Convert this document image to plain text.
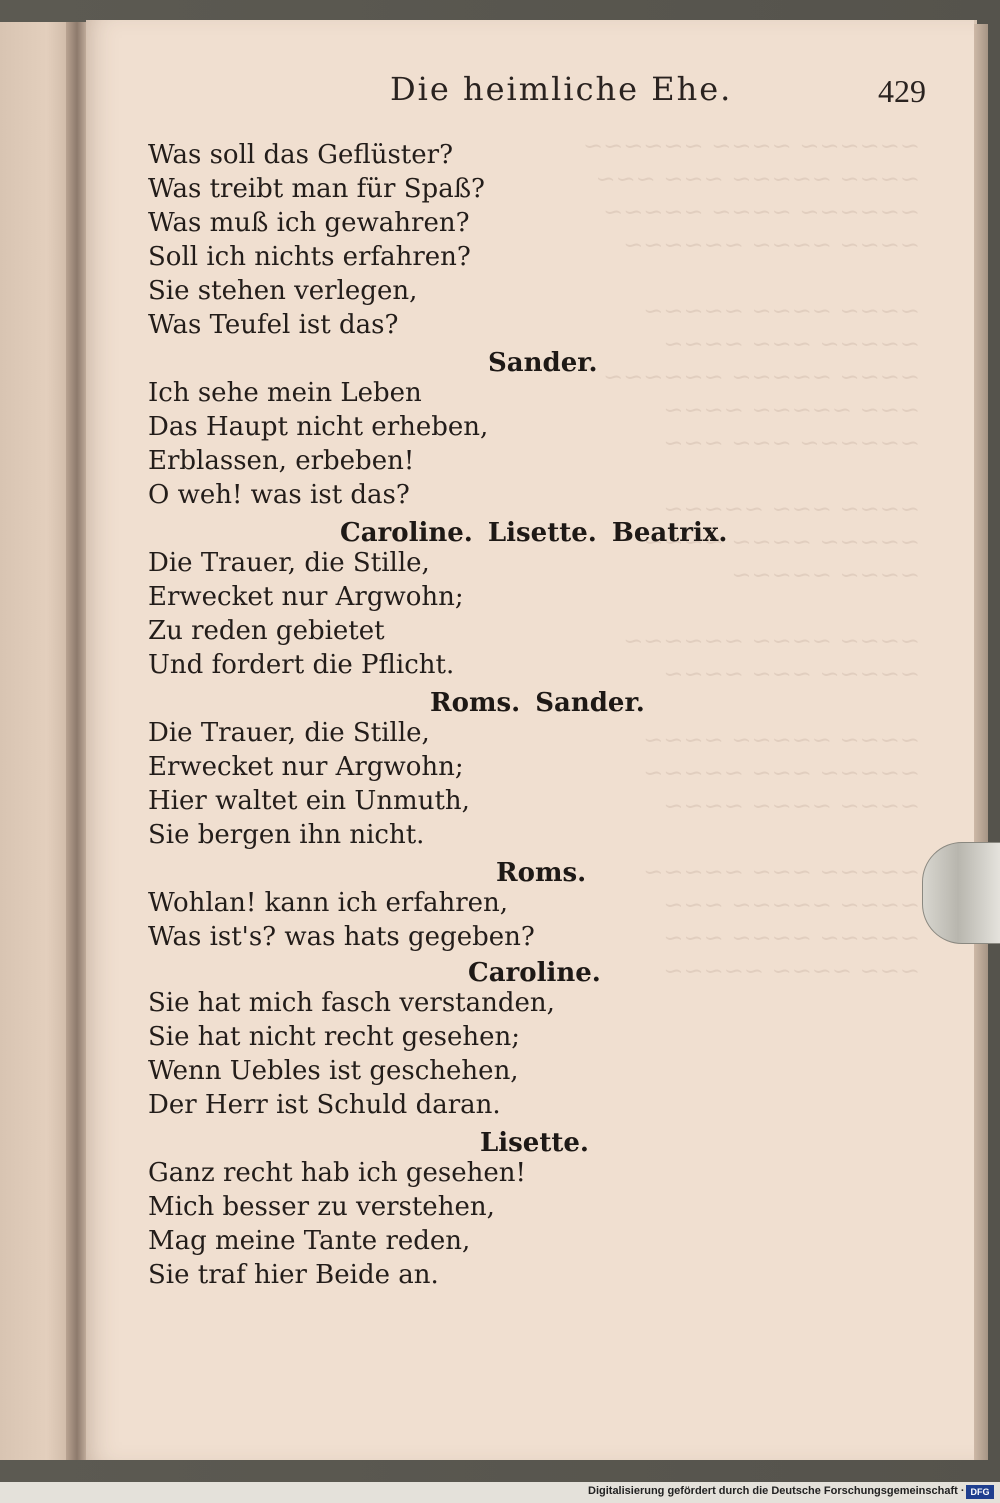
~~~~~~ ~~~~ ~~~~~~
~~~~ ~~~~~ ~~~ ~~~
~~~~~~ ~~~~ ~~~~~
~~~~ ~~~~ ~~~~~~

~~~~ ~~~~ ~~~~~
~~~~~ ~~~ ~~~~
~~~~ ~~~~~ ~~~~~~
~~~ ~~~~~ ~~~~
~~~~~~ ~~~ ~~~

~~~~ ~~~ ~~~~~
~~~~~ ~~~~ ~~~~
~~~~ ~~~~~

~~~~ ~~~~ ~~~~~~
~~~~~ ~~~ ~~~~

~~~~ ~~~~~ ~~~~
~~~~~ ~~~ ~~~~~
~~~~ ~~~~ ~~~~

~~~~~ ~~~ ~~~~~
~~~~ ~~~~~ ~~~
~~~~~ ~~~~ ~~~
~~~ ~~~~ ~~~~~
Die heimliche Ehe.	429
Was soll das Geflüster?
Was treibt man für Spaß?
Was muß ich gewahren?
Soll ich nichts erfahren?
Sie stehen verlegen,
Was Teufel ist das?
Sander.
Ich sehe mein Leben
Das Haupt nicht erheben,
Erblassen, erbeben!
O weh! was ist das?
Caroline. Lisette. Beatrix.
Die Trauer, die Stille,
Erwecket nur Argwohn;
Zu reden gebietet
Und fordert die Pflicht.
Roms. Sander.
Die Trauer, die Stille,
Erwecket nur Argwohn;
Hier waltet ein Unmuth,
Sie bergen ihn nicht.
Roms.
Wohlan! kann ich erfahren,
Was ist's? was hats gegeben?
Caroline.
Sie hat mich fasch verstanden,
Sie hat nicht recht gesehen;
Wenn Uebles ist geschehen,
Der Herr ist Schuld daran.
Lisette.
Ganz recht hab ich gesehen!
Mich besser zu verstehen,
Mag meine Tante reden,
Sie traf hier Beide an.
Digitalisierung gefördert durch die Deutsche Forschungsgemeinschaft · DFG
